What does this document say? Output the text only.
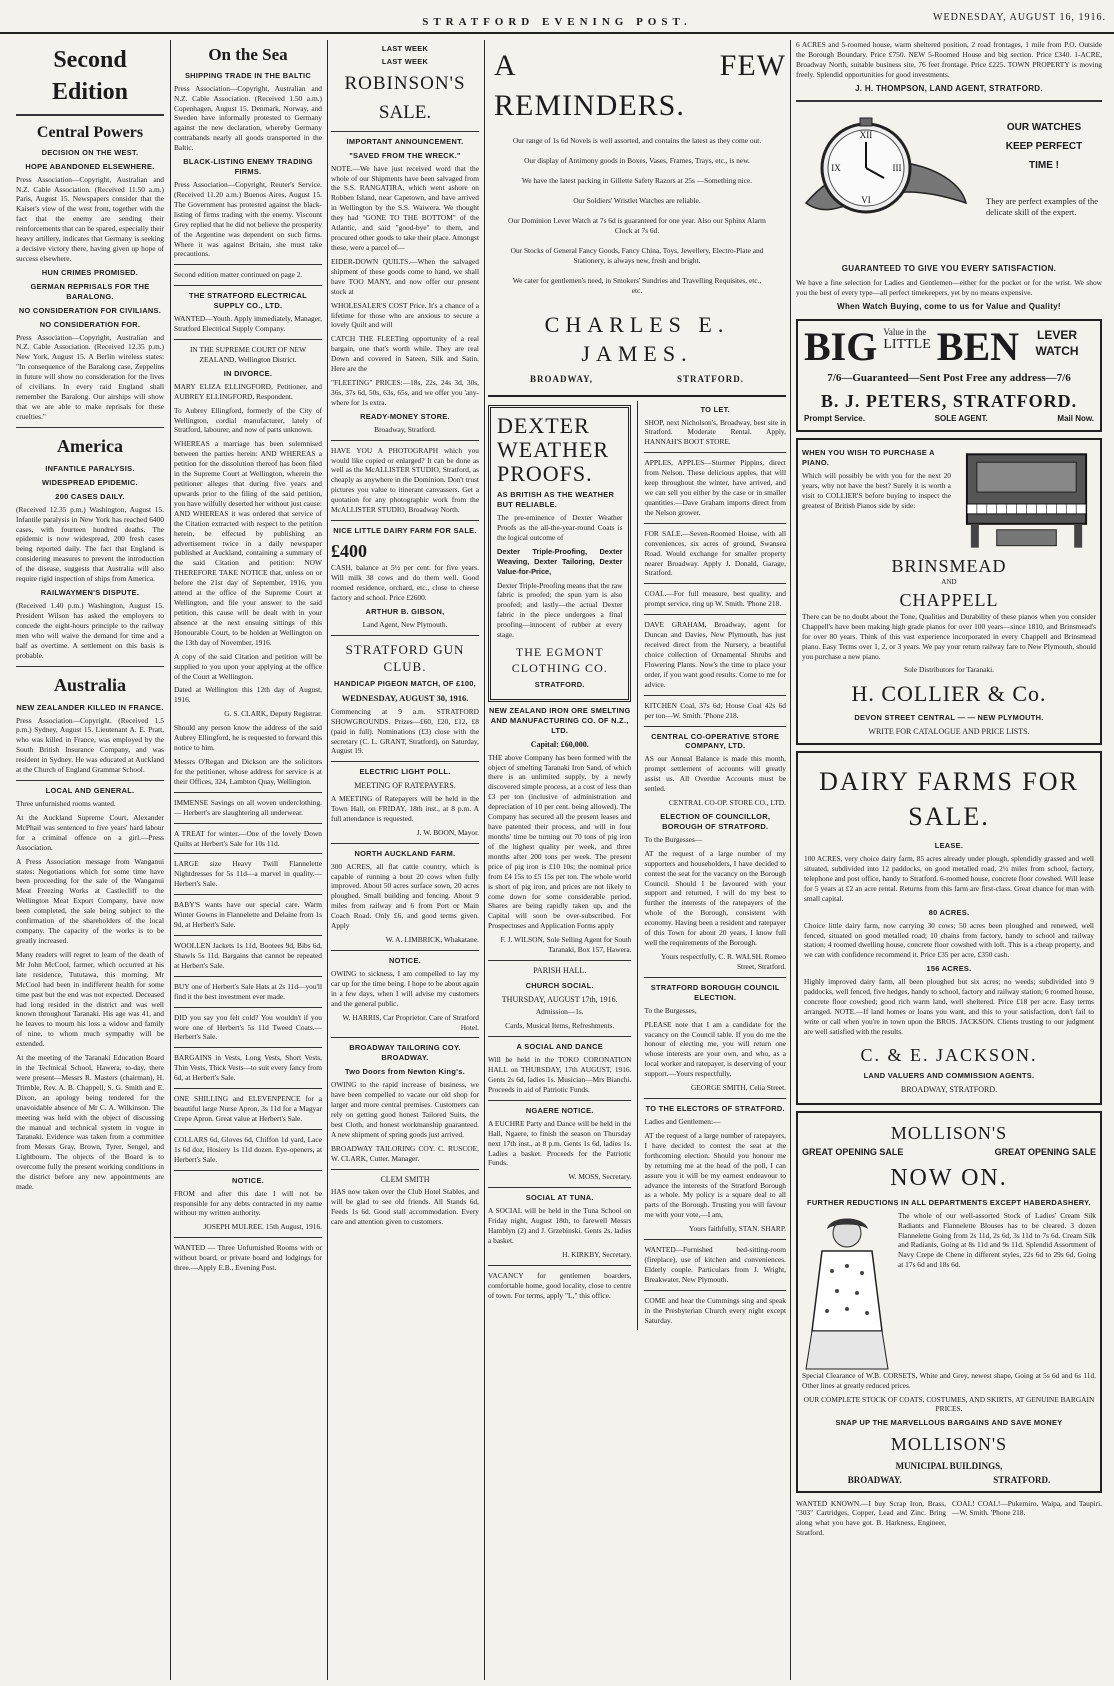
STRATFORD EVENING POST.	WEDNESDAY, AUGUST 16, 1916.
Second Edition
Central Powers
DECISION ON THE WEST.
HOPE ABANDONED ELSEWHERE.

Press Association—Copyright, Australian and N.Z. Cable Association. (Received 11.50 a.m.) Paris, August 15. Newspapers consider that the Kaiser's view of the west front, together with the fact that the enemy are sending their reinforcements that can be spared, especially their heavy artillery, indicates that Germany is seeking a decisive victory there, having given up hope of success elsewhere.

HUN CRIMES PROMISED.
GERMAN REPRISALS FOR THE BARALONG.
NO CONSIDERATION FOR CIVILIANS.
NO CONSIDERATION FOR.

Press Association—Copyright, Australian and N.Z. Cable Association. (Received 12.35 p.m.) New York, August 15. A Berlin wireless states: "In consequence of the Baralong case, Zeppelins in future will show no consideration for the lives of civilians. In every raid England shall remember the Baralong. Our airships will show that we are able to make reprisals for these cruelties."

America
INFANTILE PARALYSIS.
WIDESPREAD EPIDEMIC.
200 CASES DAILY.

(Received 12.35 p.m.) Washington, August 15. Infantile paralysis in New York has reached 6400 cases, with fourteen hundred deaths. The epidemic is now widespread, 200 fresh cases being reported daily. The fact that England is considering measures to prevent the introduction of the disease, suggests that Australia will also require rigid inspection of ships from America.

RAILWAYMEN'S DISPUTE.

(Received 1.40 p.m.) Washington, August 15. President Wilson has asked the employers to concede the eight-hours principle to the railway men who will waive the demand for time and a half as overtime. A settlement on this basis is probable.

Australia
NEW ZEALANDER KILLED IN FRANCE.

Press Association—Copyright. (Received 1.5 p.m.) Sydney, August 15. Lieutenant A. E. Pratt, who was killed in France, was employed by the South British Insurance Company, and was resident in Sydney. He was educated at Auckland at the Church of England Grammar School.

LOCAL AND GENERAL.

Three unfurnished rooms wanted.

At the Auckland Supreme Court, Alexander McPhail was sentenced to five years' hard labour for a criminal offence on a girl.—Press Association.

A Press Association message from Wanganui states: Negotiations which for some time have been proceeding for the sale of the Wanganui Meat Freezing Works at Castlecliff to the Wellington Meat Export Company, have now been completed, the sale being subject to the confirmation of the shareholders of the local company. The capacity of the works is to be greatly increased.

Many readers will regret to learn of the death of Mr John McCool, farmer, which occurred at his late residence, Tututawa, this morning. Mr McCool had been in indifferent health for some time past but the end was not expected. Deceased had long resided in the district and was well known throughout Taranaki. His age was 41, and he leaves to mourn his loss a widow and family of nine, to whom much sympathy will be extended.

At the meeting of the Taranaki Education Board in the Technical School, Hawera, to-day, there were present—Messrs R. Masters (chairman), H. Trimble, Rev. A. B. Chappell, S. G. Smith and E. Dixon, an apology being tendered for the unavoidable absence of Mr C. A. Wilkinson. The meeting was held with the object of discussing the manual and technical system in vogue in Taranaki. Evidence was taken from a committee from Messrs Gray, Brown, Tyrer, Sengel, and Lightbourn. The objects of the Board is to overcome fully the present working conditions in the district before any new appointments are made.

On the Sea
SHIPPING TRADE IN THE BALTIC

Press Association—Copyright, Australian and N.Z. Cable Association. (Received 1.50 a.m.) Copenhagen, August 15. Denmark, Norway, and Sweden have informally protested to Germany against the new declaration, whereby Germany contrabands nearly all goods transported in the Baltic.

BLACK-LISTING ENEMY TRADING FIRMS.

Press Association—Copyright, Reuter's Service. (Received 11.20 a.m.) Buenos Aires, August 15. The Government has protested against the black-listing of firms trading with the enemy. Viscount Grey replied that he did not believe the prosperity of the Argentine was dependent on such firms. Where it was against Britain, she must take precautions.

Second edition matter continued on page 2.

THE STRATFORD ELECTRICAL SUPPLY CO., LTD.

WANTED—Youth. Apply immediately, Manager, Stratford Electrical Supply Company.

IN THE SUPREME COURT OF NEW ZEALAND, Wellington District.

IN DIVORCE.

MARY ELIZA ELLINGFORD, Petitioner, and AUBREY ELLINGFORD, Respondent.

To Aubrey Ellingford, formerly of the City of Wellington, cordial manufacturer, lately of Stratford, labourer, and now of parts unknown.

WHEREAS a marriage has been solemnised between the parties herein: AND WHEREAS a petition for the dissolution thereof has been filed in the Supreme Court at Wellington, wherein the petitioner alleges that during five years and upwards prior to the filing of the said petition, you have wilfully deserted her without just cause: AND WHEREAS it was ordered that service of the Citation extracted with respect to the petition herein, be effected by publishing an advertisement twice in a daily newspaper published at Auckland, containing a summary of the said Citation and petition: NOW THEREFORE TAKE NOTICE that, unless on or before the 21st day of September, 1916, you attend at the office of the Supreme Court at Wellington, and file your answer to the said petition, this cause will be dealt with in your absence at the next ensuing sittings of this Honourable Court, to be holden at Wellington on the 13th day of November, 1916.

A copy of the said Citation and petition will be supplied to you upon your applying at the office of the Court at Wellington.

Dated at Wellington this 12th day of August, 1916.

G. S. CLARK, Deputy Registrar.

Should any person know the address of the said Aubrey Ellingford, he is requested to forward this notice to him.

Messrs O'Regan and Dickson are the solicitors for the petitioner, whose address for service is at their Offices, 324, Lambton Quay, Wellington.

IMMENSE Savings on all woven underclothing. — Herbert's are slaughtering all underwear.

A TREAT for winter.—One of the lovely Down Quilts at Herbert's Sale for 10s 11d.

LARGE size Heavy Twill Flannelette Nightdresses for 5s 11d—a marvel in quality.—Herbert's Sale.

BABY'S wants have our special care. Warm Winter Gowns in Flannelette and Delaine from 1s 9d, at Herbert's Sale.

WOOLLEN Jackets 1s 11d, Bootees 9d, Bibs 6d, Shawls 5s 11d. Bargains that cannot be repeated at Herbert's Sale.

BUY one of Herbert's Sale Hats at 2s 11d—you'll find it the best investment ever made.

DID you say you felt cold? You wouldn't if you wore one of Herbert's 5s 11d Tweed Coats.—Herbert's Sale.

BARGAINS in Vests, Long Vests, Short Vests, Thin Vests, Thick Vests—to suit every fancy from 6d, at Herbert's Sale.

ONE SHILLING and ELEVENPENCE for a beautiful large Nurse Apron, 3s 11d for a Magyar Crepe Apron. Great value at Herbert's Sale.

COLLARS 6d, Gloves 6d, Chiffon 1d yard, Lace 1s 6d doz, Hosiery 1s 11d dozen. Eye-openers, at Herbert's Sale.

NOTICE.

FROM and after this date I will not be responsible for any debts contracted in my name without my written authority.

JOSEPH MULREE. 15th August, 1916.

WANTED — Three Unfurnished Rooms with or without board, or private board and lodgings for three.—Apply E.B., Evening Post.

LAST WEEK
LAST WEEK
ROBINSON'S
SALE.
IMPORTANT ANNOUNCEMENT.
"SAVED FROM THE WRECK."

NOTE.—We have just received word that the whole of our Shipments have been salvaged from the S.S. RANGATIRA, which went ashore on Robben Island, near Capetown, and have arrived in Wellington by the S.S. Waiwera. We thought they had "GONE TO THE BOTTOM" of the Atlantic, and said "good-bye" to them, and procured other goods to take their place. Amongst these, were a parcel of—

EIDER-DOWN QUILTS.—When the salvaged shipment of these goods come to hand, we shall have TOO MANY, and now offer our present stock at

WHOLESALER'S COST Price. It's a chance of a lifetime for those who are anxious to secure a lovely Quilt and will

CATCH THE FLEETing opportunity of a real bargain, one that's worth while. They are real Down and covered in Sateen, Silk and Satin. Here are the

"FLEETING" PRICES:—18s, 22s, 24s 3d, 30s, 36s, 37s 6d, 50s, 63s, 65s, and we offer you 'any-where for 1s extra.

READY-MONEY STORE.

Broadway, Stratford.

HAVE YOU A PHOTOGRAPH which you would like copied or enlarged? It can be done as well as the McALLISTER STUDIO, Stratford, as cheaply as anywhere in the Dominion. Don't trust pictures you value to itinerant canvassers. Get a quotation for any photographic work from the McALLISTER STUDIO, Broadway North.

NICE LITTLE DAIRY FARM FOR SALE.
£400

CASH, balance at 5½ per cent. for five years. Will milk 38 cows and do them well. Good roomed residence, orchard, etc., close to cheese factory and school. Price £2600.

ARTHUR B. GIBSON,

Land Agent, New Plymouth.

STRATFORD GUN CLUB.
HANDICAP PIGEON MATCH, OF £100,
WEDNESDAY, AUGUST 30, 1916.

Commencing at 9 a.m. STRATFORD SHOWGROUNDS. Prizes—£60, £20, £12, £8 (paid in full). Nominations (£3) close with the secretary (C. L. GRANT, Stratford), on Saturday, August 19.

ELECTRIC LIGHT POLL.
MEETING OF RATEPAYERS.

A MEETING of Ratepayers will be held in the Town Hall, on FRIDAY, 18th inst., at 8 p.m. A full attendance is requested.

J. W. BOON, Mayor.

NORTH AUCKLAND FARM.

300 ACRES, all flat cattle country, which is capable of running a bout 20 cows when fully improved. About 50 acres surface sown, 20 acres ploughed. Small building and fencing. About 9 miles from railway and 6 from Port or Main Coach Road. Only £6, and good terms given. Apply

W. A. LIMBRICK, Whakatane.

NOTICE.

OWING to sickness, I am compelled to lay my car up for the time being. I hope to be about again in a few days, when I will advise my customers and the general public.

W. HARRIS, Car Proprietor. Care of Stratford Hotel.

BROADWAY TAILORING COY. BROADWAY.
Two Doors from Newton King's.

OWING to the rapid increase of business, we have been compelled to vacate our old shop for larger and more central premises. Customers can rely on getting good honest Tailored Suits, the best Cloth, and honest workmanship guaranteed. A new shipment of spring goods just arrived.

BROADWAY TAILORING COY. C. RUSCOE, W. CLARK, Cutter. Manager.

CLEM SMITH

HAS now taken over the Club Hotel Stables, and will be glad to see old friends. All Stands 6d, Feeds 1s 6d. Good stall accommodation. Every care and attention given to customers.

A FEW REMINDERS.

Our range of 1s 6d Novels is well assorted, and contains the latest as they come out.

Our display of Antimony goods in Boxes, Vases, Frames, Trays, etc., is new.

We have the latest packing in Gillette Safety Razors at 25s —Something nice.

Our Soldiers' Wristlet Watches are reliable.

Our Dominion Lever Watch at 7s 6d is guaranteed for one year. Also our Sphinx Alarm Clock at 7s 6d.

Our Stocks of General Fancy Goods, Fancy China, Toys, Jewellery, Electro-Plate and Stationery, is always new, fresh and bright.

We cater for gentlemen's need, in Smokers' Sundries and Travelling Requisites, etc., etc.

CHARLES E. JAMES.
BROADWAY,	STRATFORD.
DEXTER WEATHER PROOFS.
AS BRITISH AS THE WEATHER BUT RELIABLE.

The pre-eminence of Dexter Weather Proofs as the all-the-year-round Coats is the logical outcome of

Dexter Triple-Proofing, Dexter Weaving, Dexter Tailoring, Dexter Value-for-Price,

Dexter Triple-Proofing means that the raw fabric is proofed; the spun yarn is also proofed; and lastly—the actual Dexter fabric in the piece undergoes a final proofing—innocent of rubber at every stage.

THE EGMONT CLOTHING CO.
STRATFORD.
NEW ZEALAND IRON ORE SMELTING AND MANUFACTURING CO. OF N.Z., LTD.
Capital: £60,000.

THE above Company has been formed with the object of smelting Taranaki Iron Sand, of which there is an unlimited supply, by a newly discovered simple process, at a cost of less than £3 per ton (inclusive of administration and depreciation of 10 per cent. being allowed). The Company has secured all the present leases and have patented their process, and will in four months' time be turning out 70 tons of pig iron of the highest quality per week, and three months after 200 tons per week. The present price of pig iron is £10 10s; the nominal price from £4 15s to £5 15s per ton. The whole world is short of pig iron, and prices are not likely to come down for some considerable period. Shares are being rapidly taken up, and the Capital will soon be over-subscribed. For Prospectuses and Application Forms apply

F. J. WILSON, Sole Selling Agent for South Taranaki, Box 157, Hawera.

PARISH HALL.
CHURCH SOCIAL.
THURSDAY, AUGUST 17th, 1916.

Admission—1s.

Cards, Musical Items, Refreshments.

A SOCIAL AND DANCE

Will be held in the TOKO CORONATION HALL on THURSDAY, 17th AUGUST, 1916. Gents 2s 6d, ladies 1s. Musician—Mrs Bianchi. Proceeds in aid of Patriotic Funds.

NGAERE NOTICE.

A EUCHRE Party and Dance will be held in the Hall, Ngaere, to finish the season on Thursday next 17th inst., at 8 p.m. Gents 1s 6d, ladies 1s. Ladies a basket. Proceeds for the Patriotic Funds.

W. MOSS, Secretary.

SOCIAL AT TUNA.

A SOCIAL will be held in the Tuna School on Friday night, August 18th, to farewell Messrs Hamblyn (2) and J. Grzebinski. Gents 2s, ladies a basket.

H. KIRKBY, Secretary.

VACANCY for gentlemen boarders, comfortable home, good locality, close to centre of town. For terms, apply "L," this office.

TO LET.

SHOP, next Nicholson's, Broadway, best site in Stratford. Moderate Rental. Apply, HANNAH'S BOOT STORE.

APPLES, APPLES—Sturmer Pippins, direct from Nelson. These delicious apples, that will keep throughout the winter, have arrived, and we can sell you either by the case or in smaller quantities.—Dave Graham imports direct from the Nelson grower.

FOR SALE.—Seven-Roomed House, with all conveniences, six acres of ground, Swansea Road. Would exchange for smaller property nearer Broadway. Apply J. Donald, Garage, Stratford.

COAL.—For full measure, best quality, and prompt service, ring up W. Smith. 'Phone 218.

DAVE GRAHAM, Broadway, agent for Duncan and Davies, New Plymouth, has just received direct from the Nursery, a beautiful choice collection of Ornamental Shrubs and Flowering Plants. Now's the time to place your order, if you want good results. Come to me for advice.

KITCHEN Coal, 37s 6d; House Coal 42s 6d per ton—W. Smith. 'Phone 218.

CENTRAL CO-OPERATIVE STORE COMPANY, LTD.

AS our Annual Balance is made this month, prompt settlement of accounts will greatly assist us. All Overdue Accounts must be settled.

CENTRAL CO-OP. STORE CO., LTD.

ELECTION OF COUNCILLOR, BOROUGH OF STRATFORD.

To the Burgesses—

AT the request of a large number of my supporters and householders, I have decided to contest the seat for the vacancy on the Borough Council. Should I be favoured with your support and returned, I will do my best to further the interests of the ratepayers of the whole of the Borough, consistent with economy. Having been a resident and ratepayer of this Town for about 20 years, I know full well the requirements of the Borough.

Yours respectfully, C. R. WALSH. Romeo Street, Stratford.

STRATFORD BOROUGH COUNCIL ELECTION.

To the Burgesses,

PLEASE note that I am a candidate for the vacancy on the Council table. If you do me the honour of electing me, you will return one whose interests are your own, and who, as a local worker and ratepayer, is deserving of your support.—Yours respectfully,

GEORGE SMITH, Celia Street.

TO THE ELECTORS OF STRATFORD.

Ladies and Gentlemen:—

AT the request of a large number of ratepayers, I have decided to contest the seat at the forthcoming election. Should you honour me by returning me at the head of the poll, I can assure you it will be my earnest endeavour to advance the interests of the Stratford Borough as a whole. My policy is a square deal to all parts of the Borough. Trusting you will favour me with your vote,—I am,

Yours faithfully, STAN. SHARP.

WANTED—Furnished bed-sitting-room (fireplace), use of kitchen and conveniences. Elderly couple. Particulars from J. Wright, Breakwater, New Plymouth.

COME and hear the Cummings sing and speak in the Presbyterian Church every night except Saturday.

6 ACRES and 5-roomed house, warm sheltered position, 2 road frontages, 1 mile from P.O. Outside the Borough Boundary. Price £750. NEW 5-Roomed House and big section. Price £340. 1-ACRE, Broadway North, suitable business site, 76 feet frontage. Price £225. TOWN PROPERTY is moving freely. Splendid opportunities for good investments.

J. H. THOMPSON, LAND AGENT, STRATFORD.
XII
III
VI
IX
OUR WATCHES
KEEP PERFECT
TIME !
They are perfect examples of the delicate skill of the expert.
GUARANTEED TO GIVE YOU EVERY SATISFACTION.

We have a fine selection for Ladies and Gentlemen—either for the pocket or for the wrist. We show you the best of every type—all perfect timekeepers, yet by no means expensive.

When Watch Buying, come to us for Value and Quality!
BIG Value in the
LITTLE BEN	LEVER WATCH
7/6—Guaranteed—Sent Post Free any address—7/6
B. J. PETERS, STRATFORD.
Prompt Service.	SOLE AGENT.	Mail Now.
WHEN YOU WISH TO PURCHASE A PIANO.

Which will possibly be with you for the next 20 years, why not have the best? Surely it is worth a visit to COLLIER'S before buying to inspect the greatest of British Pianos side by side:

BRINSMEAD
AND
CHAPPELL

There can be no doubt about the Tone, Qualities and Durability of these pianos when you consider Chappell's have been making high grade pianos for over 100 years—since 1810, and Brinsmead's for over 80 years. Think of this vast experience incorporated in every Chappell and Brinsmead piano. Easy Terms over 1, 2, or 3 years. We pay your return railway fare to New Plymouth, should you purchase a new piano.

Sole Distributors for Taranaki.

H. COLLIER & Co.
DEVON STREET CENTRAL — — NEW PLYMOUTH.
WRITE FOR CATALOGUE AND PRICE LISTS.
DAIRY FARMS FOR SALE.
LEASE.

100 ACRES, very choice dairy farm, 85 acres already under plough, splendidly grassed and well situated, subdivided into 12 paddocks, on good metalled road, 2½ miles from school, factory, telephone and post office, handy to Stratford. 6-roomed house, concrete floor cowshed. Will lease for 5 years at £2 an acre rental. Returns from this farm are first-class. Great chance for man with small capital.

80 ACRES.

Choice little dairy farm, now carrying 30 cows; 50 acres been ploughed and renewed, well fenced, situated on good metalled road; 10 chains from factory, handy to school and railway station; 4 roomed dwelling house, concrete floor cowshed with loft. This is a cheap property, and we can with confidence recommend it. Price £35 per acre, £350 cash.

156 ACRES.

Highly improved dairy farm, all been ploughed but six acres; no weeds; subdivided into 9 paddocks, well fenced, five hedges, handy to school, factory and railway station; 6 roomed house, concrete floor cowshed; good rich warm land, well sheltered. Price £18 per acre. Easy terms arranged. NOTE.—If land homes or loans you want, and this to your satisfaction, don't fail to write or call when you're in town upon the BROS. JACKSON. Clients trusting to our judgment are well satisfied with the results.

C. & E. JACKSON.
LAND VALUERS AND COMMISSION AGENTS.
BROADWAY, STRATFORD.
MOLLISON'S
GREAT OPENING SALE	GREAT OPENING SALE
NOW ON.
FURTHER REDUCTIONS IN ALL DEPARTMENTS EXCEPT HABERDASHERY.

The whole of our well-assorted Stock of Ladies' Cream Silk Radiants and Flannelette Blouses has to be cleared. 3 dozen Flannelette Going from 2s 11d, 2s 6d, 3s 11d to 7s 6d. Cream Silk and Radiants, Going at 8s 11d and 9s 11d. Splendid Assortment of Navy Crepe de Chene in different styles, 22s 6d to 29s 6d, Going at 17s 6d and 18s 6d.

Special Clearance of W.B. CORSETS, White and Grey, newest shape, Going at 5s 6d and 6s 11d. Other lines at greatly reduced prices.

OUR COMPLETE STOCK OF COATS, COSTUMES, AND SKIRTS, AT GENUINE BARGAIN PRICES.

SNAP UP THE MARVELLOUS BARGAINS AND SAVE MONEY
MOLLISON'S
MUNICIPAL BUILDINGS,
BROADWAY.	STRATFORD.

WANTED KNOWN.—I buy Scrap Iron, Brass, "303" Cartridges, Copper, Lead and Zinc. Bring along what you have got. B. Harkness, Engineer, Stratford.

COAL! COAL!—Pukemiro, Waipa, and Taupiri.—W. Smith. 'Phone 218.
